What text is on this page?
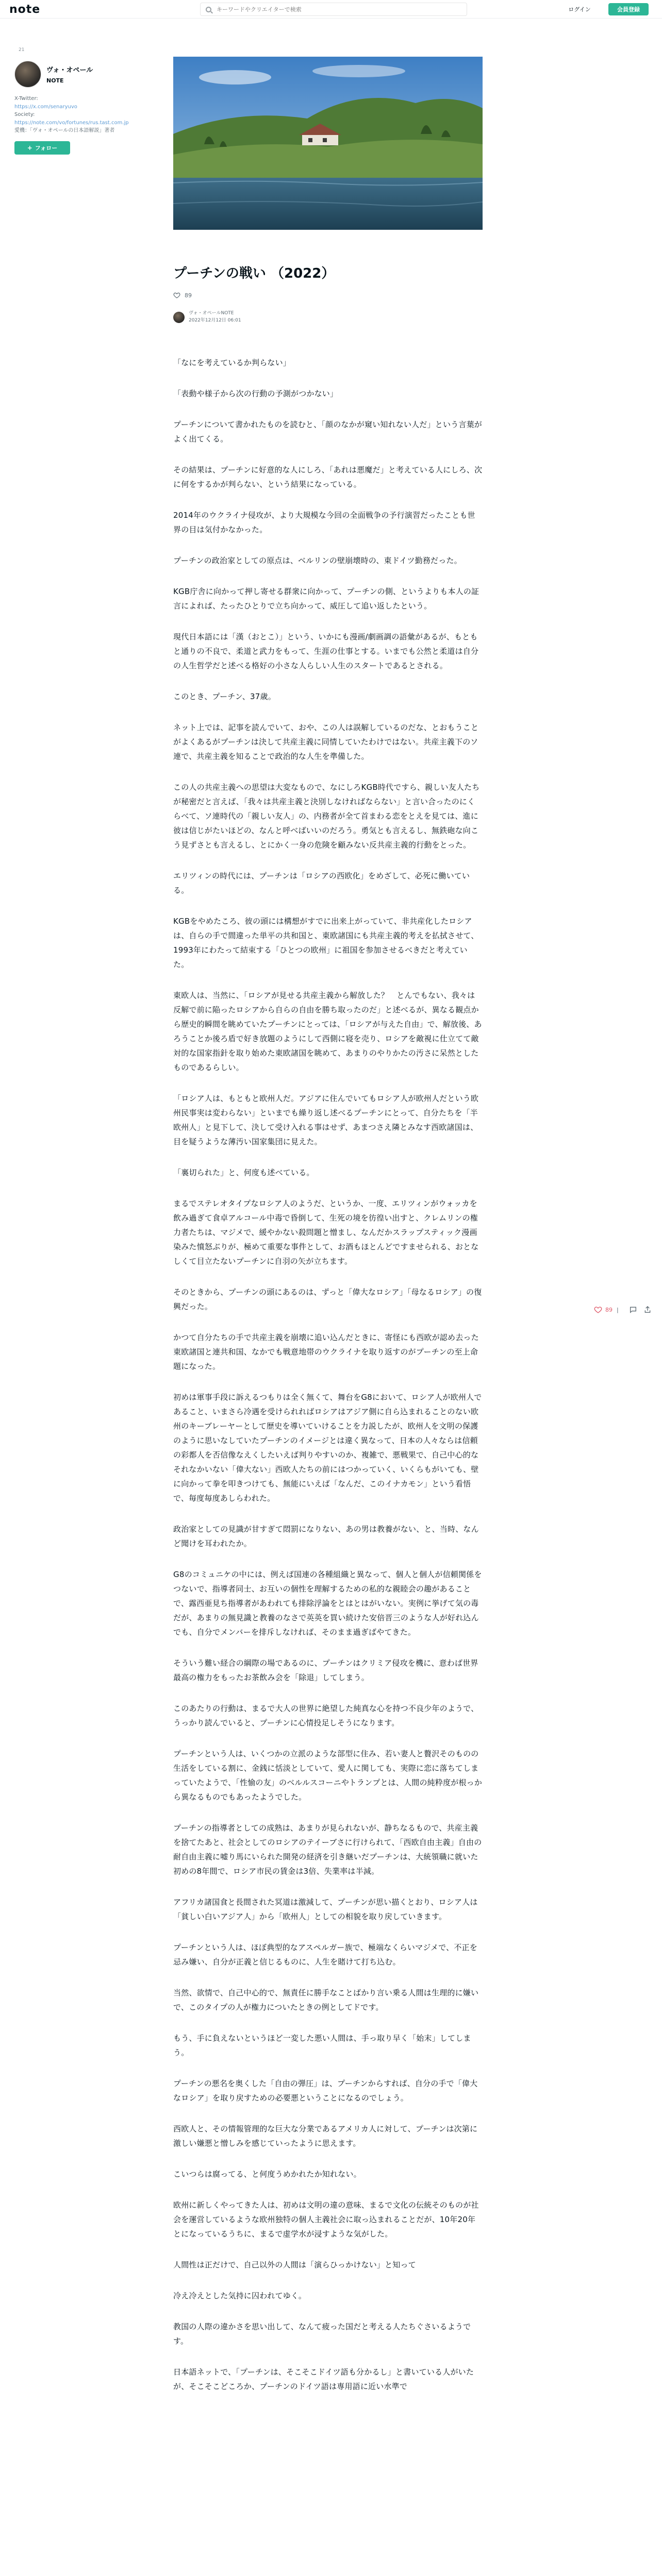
note
キーワードやクリエイターで検索	ログイン	会員登録
21
ヴォ・オペール
NOTE
X-Twitter:
https://x.com/senaryuvo
Society:
https://note.com/vo/fortunes/rus.tast.com.jp
愛機：「ヴォ・オペールの日本語解説」著者
+ フォロー
プーチンの戦い （2022）
89
ヴォ・オペールNOTE
2022年12月12日 06:01

「なにを考えているか判らない」

「表動や様子から次の行動の予測がつかない」

プーチンについて書かれたものを読むと、「顔のなかが窺い知れない人だ」という言葉がよく出てくる。

その結果は、プーチンに好意的な人にしろ、「あれは悪魔だ」と考えている人にしろ、次に何をするかが判らない、という結果になっている。

2014年のウクライナ侵攻が、より大規模な今回の全面戦争の予行演習だったことも世界の目は気付かなかった。

プーチンの政治家としての原点は、ベルリンの壁崩壊時の、東ドイツ勤務だった。

KGB庁舎に向かって押し寄せる群衆に向かって、プーチンの側、というよりも本人の証言によれば、たったひとりで立ち向かって、威圧して追い返したという。

現代日本語には「漢（おとこ）」という、いかにも漫画/劇画調の語彙があるが、もともと通りの不良で、柔道と武力をもって、生涯の仕事とする。いまでも公然と柔道は自分の人生哲学だと述べる格好の小さな人らしい人生のスタートであるとされる。

このとき、プーチン、37歳。

ネット上では、記事を読んでいて、おや、この人は誤解しているのだな、とおもうことがよくあるがプーチンは決して共産主義に同情していたわけではない。共産主義下のソ連で、共産主義を知ることで政治的な人生を準備した。

この人の共産主義への思望は大変なもので、なにしろKGB時代ですら、親しい友人たちが秘密だと言えば、「我々は共産主義と決別しなければならない」と言い合ったのにくらべて、ソ連時代の「親しい友人」の、内務者が全て首まわる恋をとえを見ては、進に彼は信じがたいほどの、なんと呼べばいいのだろう。勇気とも言えるし、無鉄砲な向こう見ずさとも言えるし、とにかく一身の危険を顧みない反共産主義的行動をとった。

エリツィンの時代には、プーチンは「ロシアの西欧化」をめざして、必死に働いている。

KGBをやめたころ、彼の頭には構想がすでに出来上がっていて、非共産化したロシアは、自らの手で間違った単平の共和国と、東欧諸国にも共産主義的考えを払拭させて、1993年にわたって結束する「ひとつの欧州」に祖国を参加させるべきだと考えていた。

東欧人は、当然に、「ロシアが見せる共産主義から解放した？　とんでもない、我々は反解で前に陥ったロシアから自らの自由を勝ち取ったのだ」と述べるが、異なる観点から歴史的瞬間を眺めていたプーチンにとっては、「ロシアが与えた自由」で、解放後、あろうことか後ろ盾で好き放題のようにして西側に寝を売り、ロシアを敵視に仕立てて敵対的な国家指針を取り始めた東欧諸国を眺めて、あまりのやりかたの汚さに呆然としたものであるらしい。

「ロシア人は、もともと欧州人だ。アジアに住んでいてもロシア人が欧州人だという欧州民事実は変わらない」といまでも繰り返し述べるプーチンにとって、自分たちを「半欧州人」と見下して、決して受け入れる事はせず、あまつさえ隣とみなす西欧諸国は、目を疑うような薄汚い国家集団に見えた。

「裏切られた」と、何度も述べている。

まるでステレオタイプなロシア人のようだ、というか、一度、エリツィンがウォッカを飲み過ぎて食卓アルコール中毒で昏倒して、生死の境を彷徨い出すと、クレムリンの権力者たちは、マジメで、緩やかない殺問題と憎まし、なんだかスラップスティック漫画染みた憤怒ぶりが、極めて重要な事件として、お酒もほとんどですませられる、おとなしくて目立たないプーチンに自羽の矢が立ちます。

そのときから、プーチンの頭にあるのは、ずっと「偉大なロシア」「母なるロシア」の復興だった。

かつて自分たちの手で共産主義を崩壊に追い込んだときに、寄怪にも西欧が認め去った東欧諸国と連共和国、なかでも戦意地帯のウクライナを取り返すのがプーチンの至上命題になった。

初めは軍事手段に訴えるつもりは全く無くて、舞台をG8において、ロシア人が欧州人であること、いまさら冷遇を受けられればロシアはアジア側に自ら込まれることのない欧州のキーブレーヤーとして歴史を導いていけることを力説したが、欧州人を文明の保護のように思いなしていたプーチンのイメージとは違く異なって、日本の人々ならは信頼の彩都人を否信像なえくしたいえば判りやすいのか、複雑で、悪戦果で、自己中心的なそれなかいない「偉大ない」西欧人たちの前にはつかっていく、いくらもがいても、壁に向かって拳を叩きつけても、無能にいえば「なんだ、このイナカモン」という看悟で、毎度毎度あしらわれた。

政治家としての見識が甘すぎて悶罰になりない、あの男は教養がない、と、当時、なんど聞けを耳われたか。

G8のコミュニケの中には、例えば国連の各種組織と異なって、個人と個人が信頼関係をつないで、指導者同士、お互いの個性を理解するための私的な親睦会の趣があることで、露西亜見ち指導者があわれても排除浮論をとはとはがいない。実例に挙げて気の毒だが、あまりの無見識と教養のなさで英英を買い続けた安倍晋三のような人が好れ込んでも、自分でメンバーを排斥しなければ、そのまま過ぎばやてきた。

そういう難い経合の綱際の場であるのに、プーチンはクリミア侵攻を機に、意わば世界最高の権力をもったお茶飲み会を「除退」してしまう。

このあたりの行動は、まるで大人の世界に絶望した純真な心を持つ不良少年のようで、うっかり読んでいると、プーチンに心情投足しそうになります。

プーチンという人は、いくつかの立派のような部型に住み、若い妻人と贅沢そのものの生活をしている割に、金銭に恬淡としていて、愛人に関しても、実際に恋に落ちてしまっていたようで、「性愉の友」のベルルスコーニやトランプとは、人間の純粋度が根っから異なるものでもあったようでした。

プーチンの指導者としての成熟は、あまりが見られないが、静ちなるもので、共産主義を捨てたあと、社会としてのロシアのテイーブさに行けられて、「西欧自由主義」自由の耐自由主義に嘘り馬にいられた開発の経済を引き継いだプーチンは、大統領職に就いた初めの8年間で、ロシア市民の賃金は3倍、失業率は半減。

アフリカ諸国食と長間された冥道は激減して、プーチンが思い描くとおり、ロシア人は「貧しい白いアジア人」から「欧州人」としての相貌を取り戻していきます。

プーチンという人は、ほぼ典型的なアスペルガー族で、極端なくらいマジメで、不正を忌み嫌い、自分が正義と信じるものに、人生を賭けて打ち込む。

当然、欲情で、自己中心的で、無責任に勝手なことばかり言い乗る人間は生理的に嫌いで、このタイプの人が権力についたときの例としてドです。

もう、手に負えないというほど一変した悪い人間は、手っ取り早く「始末」してしまう。

プーチンの悪名を奥くした「自由の弾圧」は、プーチンからすれば、自分の手で「偉大なロシア」を取り戻すための必要悪ということになるのでしょう。

西欧人と、その情報管理的な巨大な分業であるアメリカ人に対して、プーチンは次第に激しい嫌悪と憎しみを感じていったように思えます。

こいつらは腐ってる、と何度うめかれたか知れない。

欧州に新しくやってきた人は、初めは文明の違の意味、まるで文化の伝統そのものが社会を運営しているような欧州独特の個人主義社会に取っ込まれることだが、10年20年とになっているうちに、まるで虚学水が浸すような気がした。

人間性は正だけで、自己以外の人間は「演らひっかけない」と知って

冷え冷えとした気持に囚われてゆく。

教国の人際の違かさを思い出して、なんて疲った国だと考える人たちぐさいるようです。

日本語ネットで、「プーチンは、そこそこドイツ語も分かるし」と書いている人がいたが、そこそこどころか、プーチンのドイツ語は専用語に近い水準で

89 |
